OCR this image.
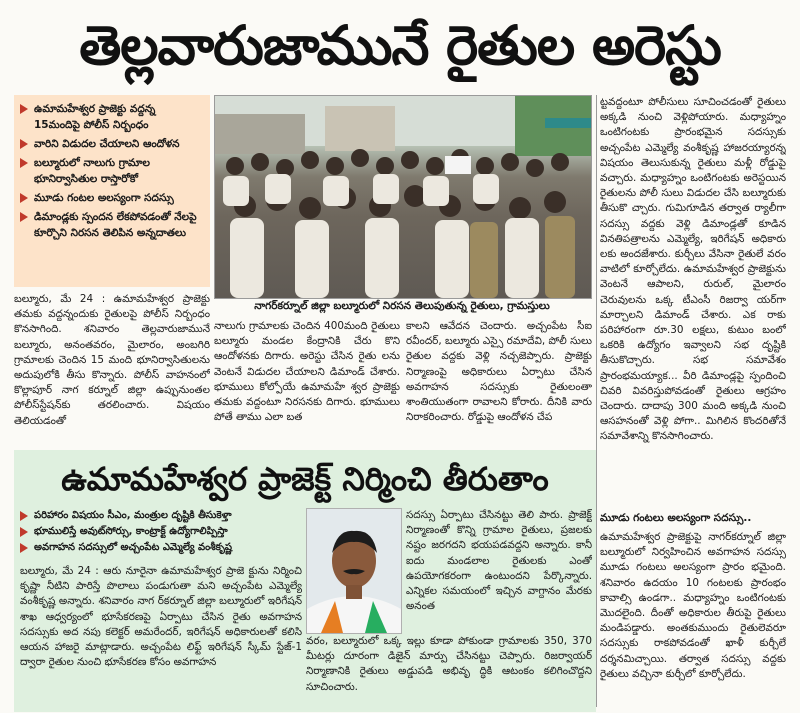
తెల్లవారుజామునే రైతుల అరెస్టు
ఉమామహేశ్వర ప్రాజెక్టు వద్దన్న 15మందిపై పోలీస్ నిర్బంధం
వారిని విడుదల చేయాలని ఆందోళన
బల్మూరులో నాలుగు గ్రామాల భూనిర్వాసితుల రాస్తారోకో
మూడు గంటల అలస్యంగా సదస్సు
డిమాండ్లకు స్పందన లేకపోవడంతో నేలపై కూర్చొని నిరసన తెలిపిన అన్నదాతలు
నాగర్‌కర్నూల్ జిల్లా బల్మూరులో నిరసన తెలుపుతున్న రైతులు, గ్రామస్తులు

బల్మూరు, మే 24 : ఉమామహేశ్వర ప్రాజెక్టు తమకు వద్దన్నందుకు రైతులపై పోలీస్ నిర్బంధం కొనసాగింది. శనివారం తెల్లవారుజామునే బల్మూరు, అనంతవరం, మైలారం, అంబగిరి గ్రామాలకు చెందిన 15 మంది భూనిర్వాసితులను అదుపులోకి తీసు కొన్నారు. పోలీస్ వాహనంలో కొల్లాపూర్ నాగ కర్నూల్ జిల్లా ఉప్పునుంతల పోలీస్‌స్టేషన్‌కు తరలించారు. విషయం తెలియడంతో

నాలుగు గ్రామాలకు చెందిన 400మంది రైతులు బల్మూరు మండల కేంద్రానికి చేరు కొని ఆందోళనకు దిగారు. అరెస్టు చేసిన రైతు లను వెంటనే విడుదల చేయాలని డిమాండ్ చేశారు. భూములు కోల్పోయే ఉమామహే శ్వర ప్రాజెక్టు తమకు వద్దంటూ నిరసనకు దిగారు. భూములు పోతే తాము ఎలా బత

కాలని ఆవేదన చెందారు. అచ్చంపేట సీఐ రవీందర్, బల్మూరు ఎస్సై రమాదేవి, పోలీ సులు రైతుల వద్దకు వెళ్లి నచ్చజెప్పారు. ప్రాజెక్టు నిర్మాణంపై అధికారులు ఏర్పాటు చేసిన అవగాహన సదస్సుకు రైతులంతా శాంతియుతంగా రావాలని కోరారు. దీనికి వారు నిరాకరించారు. రోడ్డుపై ఆందోళన చేప

ట్టవద్దంటూ పోలీసులు సూచించడంతో రైతులు అక్కడి నుంచి వెళ్లిపోయారు. మధ్యాహ్నం ఒంటిగంటకు ప్రారంభమైన సదస్సుకు అచ్చంపేట ఎమ్మెల్యే వంశీకృష్ణ హాజరయ్యారన్న విషయం తెలుసుకున్న రైతులు మళ్లీ రోడ్డుపై వచ్చారు. మధ్యాహ్నం ఒంటిగంటకు అరెస్టయిన రైతులను పోలీ సులు విడుదల చేసి బల్మూరుకు తీసుకొ చ్చారు. గుమిగూడిన తర్వాత ర్యాలీగా సదస్సు వద్దకు వెళ్లి డిమాండ్లతో కూడిన వినతిపత్రాలను ఎమ్మెల్యే, ఇరిగేషన్ అధికారు లకు అందజేశారు. కుర్చీలు వేసినా రైతులే వరం వాటిలో కూర్చోలేదు. ఉమామహేశ్వర ప్రాజెక్టును వెంటనే ఆపాలని, రురుల్, మైలారం చెరువులను ఒక్క టీఎంసీ రిజర్వా యర్‌గా మార్చాలని డిమాండ్ చేశారు. ఎక రాకు పరిహారంగా రూ.30 లక్షలు, కుటుం బంలో ఒకరికి ఉద్యోగం ఇవ్వాలని సభ దృష్టికి తీసుకొచ్చారు. సభ సమావేశం ప్రారంభమయ్యాక... వీరి డిమాండ్లపై స్పందించి చివరి వివరిస్తుపోవడంతో రైతులు ఆగ్రహం చెందారు. దాదాపు 300 మంది అక్కడి నుంచి ఆసహనంతో వెళ్లి పోగా.. మిగిలిన కొందరితోనే సమావేశాన్ని కొనసాగించారు.

ఉమామహేశ్వర ప్రాజెక్ట్ నిర్మించి తీరుతాం
పరిహారం విషయం సీఎం, మంత్రుల దృష్టికి తీసుకెళ్తా
భూములిస్తే అవుట్‌సోర్సు, కాంట్రాక్ట్ ఉద్యోగాలిప్పిస్తా
అవగాహన సదస్సులో అచ్చంపేట ఎమ్మెల్యే వంశీకృష్ణ

బల్మూరు, మే 24 : ఆరు నూరైనా ఉమామహేశ్వర ప్రాజె క్టును నిర్మించి కృష్ణా నీటిని పారిస్తే పొలాలు పండుగుతా మని అచ్చంపేట ఎమ్మెల్యే వంశీకృష్ణ అన్నారు. శనివారం నాగ ర్‌కర్నూల్ జిల్లా బల్మూరులో ఇరిగేషన్ శాఖ ఆధ్వర్యంలో భూసేకరణపై ఏర్పాటు చేసిన రైతు అవగాహన సదస్సుకు అద నపు కలెక్టర్ అమరేందర్, ఇరిగేషన్ అధికారులతో కలిసి ఆయన హాజరై మాట్లాడారు. అచ్చంపేట లిఫ్ట్ ఇరిగేషన్ స్కీమ్ స్టేజ్-1 ద్వారా రైతుల నుంచి భూసేకరణ కోసం అవగాహన

సదస్సు ఏర్పాటు చేసినట్టు తెలి పారు. ప్రాజెక్ట్ నిర్మాణంతో కొన్ని గ్రామాల రైతులు, ప్రజలకు నష్టం జరగదని భయపడవద్దని అన్నారు. కానీ ఐదు మండలాల రైతులకు ఎంతో ఉపయోగకరంగా ఉంటుందని పేర్కొన్నారు. ఎన్నికల సమయంలో ఇచ్చిన వాగ్దానం మేరకు అనంత

వరం, బల్మూరులో ఒక్క ఇల్లు కూడా పోకుండా గ్రామాలకు 350, 370 మీటర్లు దూరంగా డిజైన్ మార్పు చేసినట్టు చెప్పారు. రిజర్వాయర్ నిర్మాణానికి రైతులు అడ్డుపడి అభివృ ద్ధికి ఆటంకం కలిగించొద్దని సూచించారు.

మూడు గంటలు అలస్యంగా సదస్సు..

ఉమామహేశ్వర ప్రాజెక్టుపై నాగర్‌కర్నూల్ జిల్లా బల్మూరులో నిర్వహించిన అవగాహన సదస్సు మూడు గంటలు అలస్యంగా ప్రారం భమైంది. శనివారం ఉదయం 10 గంటలకు ప్రారంభం కావాల్సి ఉండగా.. మధ్యాహ్నం ఒంటిగంటకు మొదలైంది. దీంతో అధికారుల తీరుపై రైతులు మండిపడ్డారు. అంతకుముందు రైతులెవరూ సదస్సుకు రాకపోవడంతో ఖాళీ కుర్చీలే దర్శనమిచ్చాయి. తర్వాత సదస్సు వద్దకు రైతులు వచ్చినా కుర్చీలో కూర్చోలేదు.
